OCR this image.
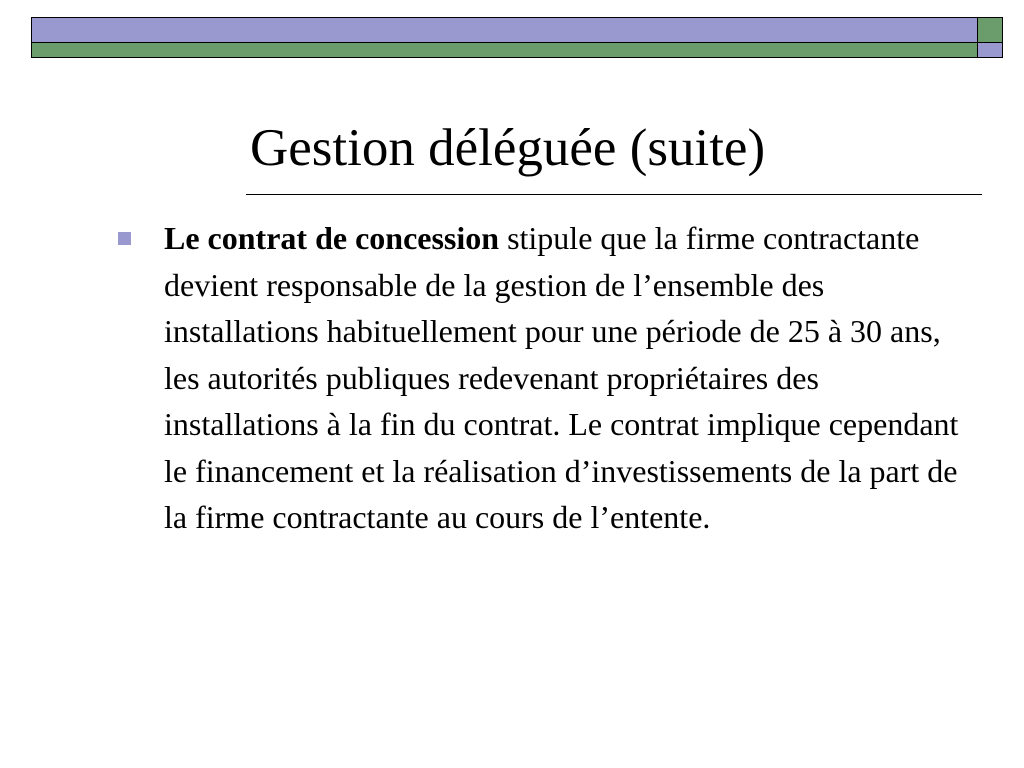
Gestion déléguée (suite)
Le contrat de concession stipule que la firme contractante devient responsable de la gestion de l’ensemble des installations habituellement pour une période de 25 à 30 ans, les autorités publiques redevenant propriétaires des installations à la fin du contrat. Le contrat implique cependant le financement et la réalisation d’investissements de la part de la firme contractante au cours de l’entente.
